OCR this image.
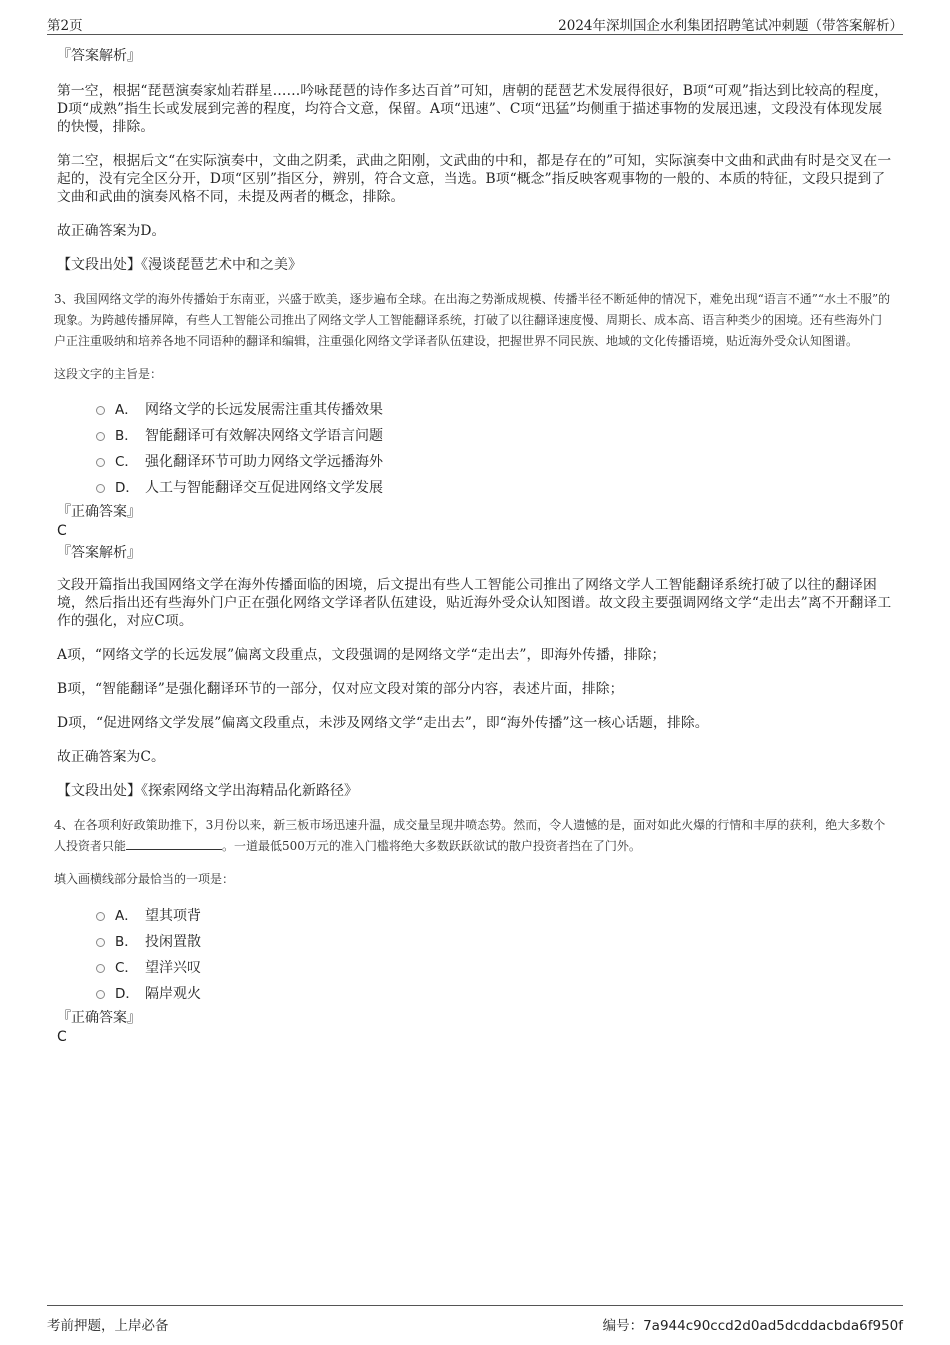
第2页	2024年深圳国企水利集团招聘笔试冲刺题（带答案解析）

『答案解析』

第一空，根据“琵琶演奏家灿若群星……吟咏琵琶的诗作多达百首”可知，唐朝的琵琶艺术发展得很好，B项“可观”指达到比较高的程度，D项“成熟”指生长或发展到完善的程度，均符合文意，保留。A项“迅速”、C项“迅猛”均侧重于描述事物的发展迅速，文段没有体现发展的快慢，排除。

第二空，根据后文“在实际演奏中，文曲之阴柔，武曲之阳刚，文武曲的中和，都是存在的”可知，实际演奏中文曲和武曲有时是交叉在一起的，没有完全区分开，D项“区别”指区分，辨别，符合文意，当选。B项“概念”指反映客观事物的一般的、本质的特征，文段只提到了文曲和武曲的演奏风格不同，未提及两者的概念，排除。

故正确答案为D。

【文段出处】《漫谈琵琶艺术中和之美》

3、我国网络文学的海外传播始于东南亚，兴盛于欧美，逐步遍布全球。在出海之势渐成规模、传播半径不断延伸的情况下，难免出现“语言不通”“水土不服”的现象。为跨越传播屏障，有些人工智能公司推出了网络文学人工智能翻译系统，打破了以往翻译速度慢、周期长、成本高、语言种类少的困境。还有些海外门户正注重吸纳和培养各地不同语种的翻译和编辑，注重强化网络文学译者队伍建设，把握世界不同民族、地域的文化传播语境，贴近海外受众认知图谱。

这段文字的主旨是：

A． 网络文学的长远发展需注重其传播效果
B． 智能翻译可有效解决网络文学语言问题
C． 强化翻译环节可助力网络文学远播海外
D． 人工与智能翻译交互促进网络文学发展

『正确答案』

C

『答案解析』

文段开篇指出我国网络文学在海外传播面临的困境，后文提出有些人工智能公司推出了网络文学人工智能翻译系统打破了以往的翻译困境，然后指出还有些海外门户正在强化网络文学译者队伍建设，贴近海外受众认知图谱。故文段主要强调网络文学“走出去”离不开翻译工作的强化，对应C项。

A项，“网络文学的长远发展”偏离文段重点，文段强调的是网络文学“走出去”，即海外传播，排除；

B项，“智能翻译”是强化翻译环节的一部分，仅对应文段对策的部分内容，表述片面，排除；

D项，“促进网络文学发展”偏离文段重点，未涉及网络文学“走出去”，即“海外传播”这一核心话题，排除。

故正确答案为C。

【文段出处】《探索网络文学出海精品化新路径》

4、在各项利好政策助推下，3月份以来，新三板市场迅速升温，成交量呈现井喷态势。然而，令人遗憾的是，面对如此火爆的行情和丰厚的获利，绝大多数个人投资者只能	。一道最低500万元的准入门槛将绝大多数跃跃欲试的散户投资者挡在了门外。

填入画横线部分最恰当的一项是：

A． 望其项背
B． 投闲置散
C． 望洋兴叹
D． 隔岸观火

『正确答案』

C

考前押题，上岸必备	编号：7a944c90ccd2d0ad5dcddacbda6f950f
